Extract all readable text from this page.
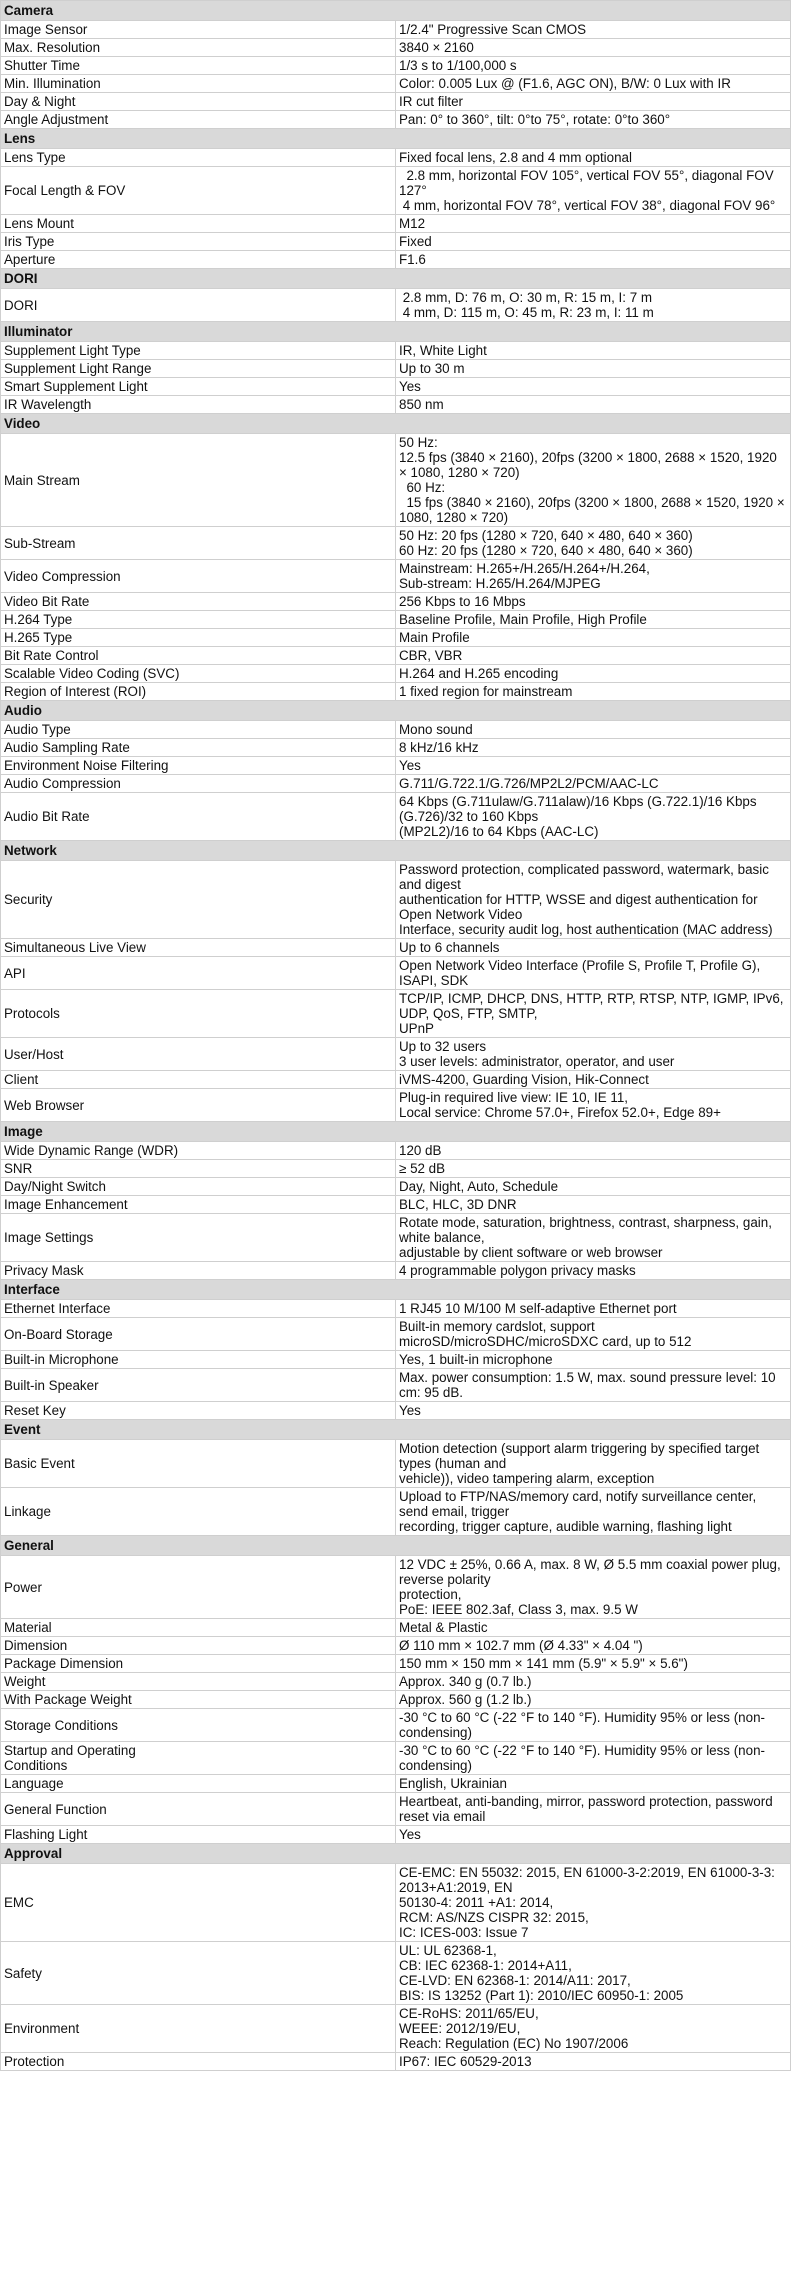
Camera	
Image Sensor	1/2.4" Progressive Scan CMOS
Max. Resolution	3840 × 2160
Shutter Time	1/3 s to 1/100,000 s
Min. Illumination	Color: 0.005 Lux @ (F1.6, AGC ON), B/W: 0 Lux with IR
Day & Night	IR cut filter
Angle Adjustment	Pan: 0° to 360°, tilt: 0°to 75°, rotate: 0°to 360°
Lens	
Lens Type	Fixed focal lens, 2.8 and 4 mm optional
Focal Length & FOV	2.8 mm, horizontal FOV 105°, vertical FOV 55°, diagonal FOV 127°
4 mm, horizontal FOV 78°, vertical FOV 38°, diagonal FOV 96°
Lens Mount	M12
Iris Type	Fixed
Aperture	F1.6
DORI	
DORI	2.8 mm, D: 76 m, O: 30 m, R: 15 m, I: 7 m
4 mm, D: 115 m, O: 45 m, R: 23 m, I: 11 m
Illuminator	
Supplement Light Type	IR, White Light
Supplement Light Range	Up to 30 m
Smart Supplement Light	Yes
IR Wavelength	850 nm
Video	
Main Stream	50 Hz:
12.5 fps (3840 × 2160), 20fps (3200 × 1800, 2688 × 1520, 1920 × 1080, 1280 × 720)
60 Hz:
15 fps (3840 × 2160), 20fps (3200 × 1800, 2688 × 1520, 1920 × 1080, 1280 × 720)
Sub-Stream	50 Hz: 20 fps (1280 × 720, 640 × 480, 640 × 360)
60 Hz: 20 fps (1280 × 720, 640 × 480, 640 × 360)
Video Compression	Mainstream: H.265+/H.265/H.264+/H.264,
Sub-stream: H.265/H.264/MJPEG
Video Bit Rate	256 Kbps to 16 Mbps
H.264 Type	Baseline Profile, Main Profile, High Profile
H.265 Type	Main Profile
Bit Rate Control	CBR, VBR
Scalable Video Coding (SVC)	H.264 and H.265 encoding
Region of Interest (ROI)	1 fixed region for mainstream
Audio	
Audio Type	Mono sound
Audio Sampling Rate	8 kHz/16 kHz
Environment Noise Filtering	Yes
Audio Compression	G.711/G.722.1/G.726/MP2L2/PCM/AAC-LC
Audio Bit Rate	64 Kbps (G.711ulaw/G.711alaw)/16 Kbps (G.722.1)/16 Kbps (G.726)/32 to 160 Kbps
(MP2L2)/16 to 64 Kbps (AAC-LC)
Network	
Security	Password protection, complicated password, watermark, basic and digest
authentication for HTTP, WSSE and digest authentication for Open Network Video
Interface, security audit log, host authentication (MAC address)
Simultaneous Live View	Up to 6 channels
API	Open Network Video Interface (Profile S, Profile T, Profile G), ISAPI, SDK
Protocols	TCP/IP, ICMP, DHCP, DNS, HTTP, RTP, RTSP, NTP, IGMP, IPv6, UDP, QoS, FTP, SMTP,
UPnP
User/Host	Up to 32 users
3 user levels: administrator, operator, and user
Client	iVMS-4200, Guarding Vision, Hik-Connect
Web Browser	Plug-in required live view: IE 10, IE 11,
Local service: Chrome 57.0+, Firefox 52.0+, Edge 89+
Image	
Wide Dynamic Range (WDR)	120 dB
SNR	≥ 52 dB
Day/Night Switch	Day, Night, Auto, Schedule
Image Enhancement	BLC, HLC, 3D DNR
Image Settings	Rotate mode, saturation, brightness, contrast, sharpness, gain, white balance,
adjustable by client software or web browser
Privacy Mask	4 programmable polygon privacy masks
Interface	
Ethernet Interface	1 RJ45 10 M/100 M self-adaptive Ethernet port
On-Board Storage	Built-in memory cardslot, support microSD/microSDHC/microSDXC card, up to 512
Built-in Microphone	Yes, 1 built-in microphone
Built-in Speaker	Max. power consumption: 1.5 W, max. sound pressure level: 10 cm: 95 dB.
Reset Key	Yes
Event	
Basic Event	Motion detection (support alarm triggering by specified target types (human and
vehicle)), video tampering alarm, exception
Linkage	Upload to FTP/NAS/memory card, notify surveillance center, send email, trigger
recording, trigger capture, audible warning, flashing light
General	
Power	12 VDC ± 25%, 0.66 A, max. 8 W, Ø 5.5 mm coaxial power plug, reverse polarity
protection,
PoE: IEEE 802.3af, Class 3, max. 9.5 W
Material	Metal & Plastic
Dimension	Ø 110 mm × 102.7 mm (Ø 4.33" × 4.04 ")
Package Dimension	150 mm × 150 mm × 141 mm (5.9" × 5.9" × 5.6")
Weight	Approx. 340 g (0.7 lb.)
With Package Weight	Approx. 560 g (1.2 lb.)
Storage Conditions	-30 °C to 60 °C (-22 °F to 140 °F). Humidity 95% or less (non-condensing)
Startup and Operating
Conditions	-30 °C to 60 °C (-22 °F to 140 °F). Humidity 95% or less (non-condensing)
Language	English, Ukrainian
General Function	Heartbeat, anti-banding, mirror, password protection, password reset via email
Flashing Light	Yes
Approval	
EMC	CE-EMC: EN 55032: 2015, EN 61000-3-2:2019, EN 61000-3-3: 2013+A1:2019, EN
50130-4: 2011 +A1: 2014,
RCM: AS/NZS CISPR 32: 2015,
IC: ICES-003: Issue 7
Safety	UL: UL 62368-1,
CB: IEC 62368-1: 2014+A11,
CE-LVD: EN 62368-1: 2014/A11: 2017,
BIS: IS 13252 (Part 1): 2010/IEC 60950-1: 2005
Environment	CE-RoHS: 2011/65/EU,
WEEE: 2012/19/EU,
Reach: Regulation (EC) No 1907/2006
Protection	IP67: IEC 60529-2013
